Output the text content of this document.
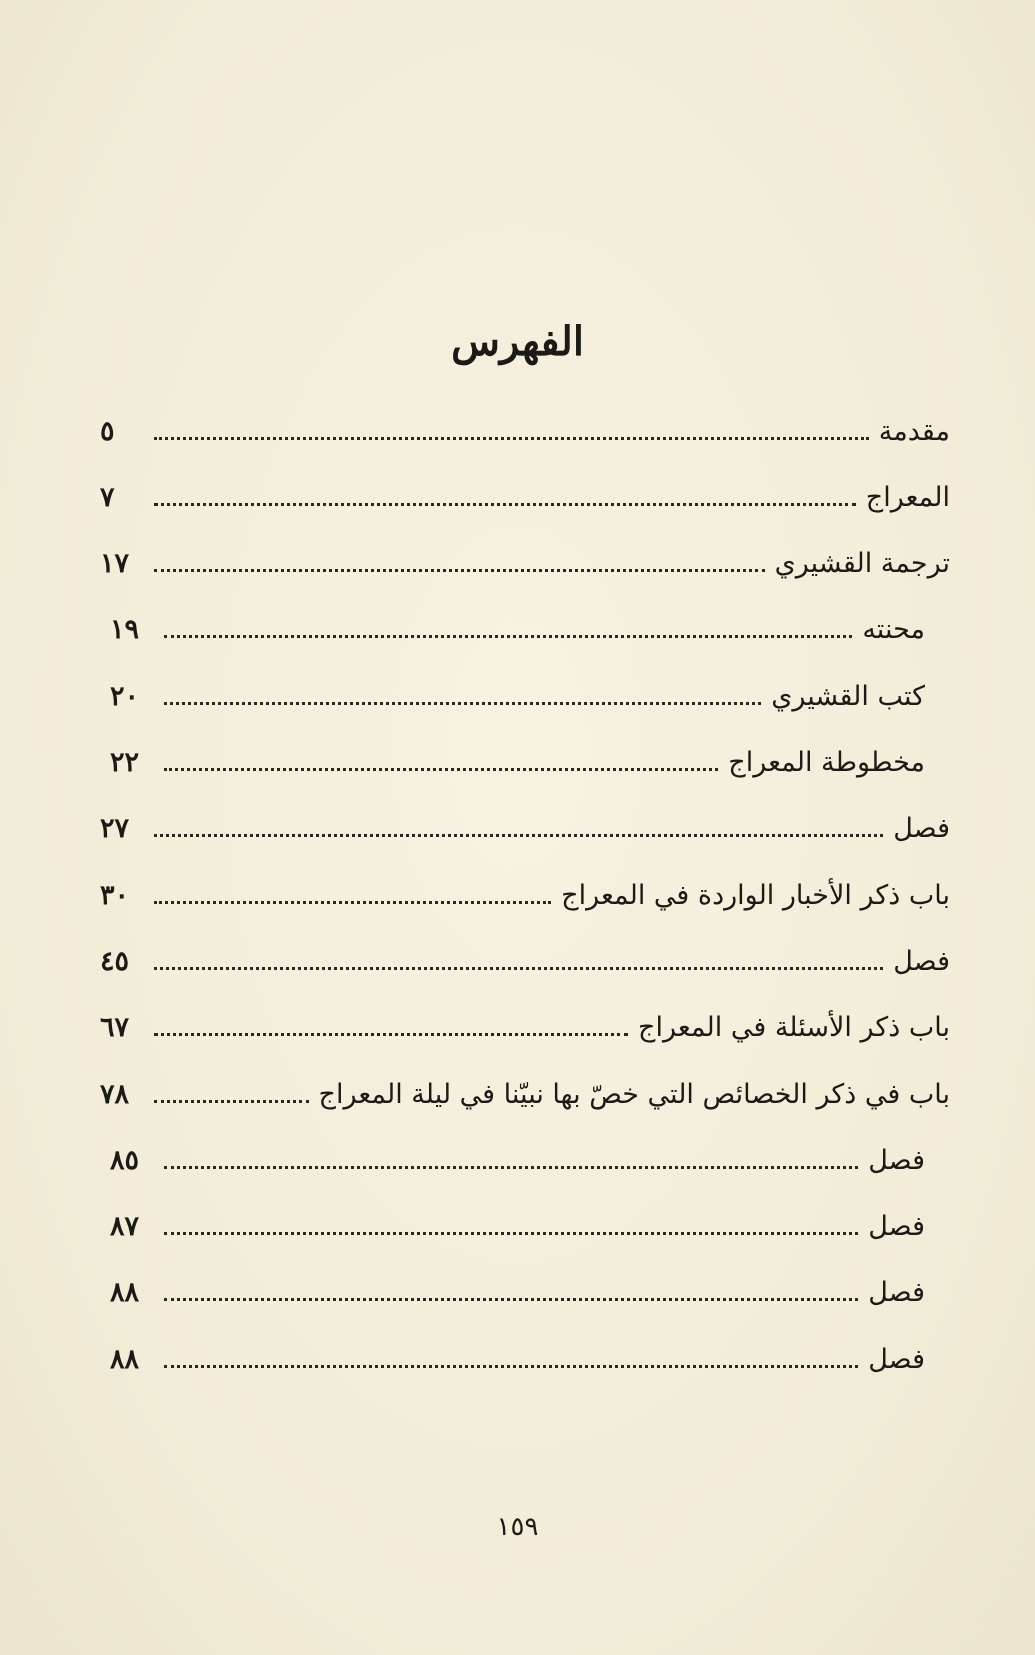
الفهرس
مقدمة
٥
المعراج
٧
ترجمة القشيري
١٧
محنته
١٩
كتب القشيري
٢٠
مخطوطة المعراج
٢٢
فصل
٢٧
باب ذكر الأخبار الواردة في المعراج
٣٠
فصل
٤٥
باب ذكر الأسئلة في المعراج
٦٧
باب في ذكر الخصائص التي خصّ بها نبيّنا في ليلة المعراج
٧٨
فصل
٨٥
فصل
٨٧
فصل
٨٨
فصل
٨٨
١٥٩
